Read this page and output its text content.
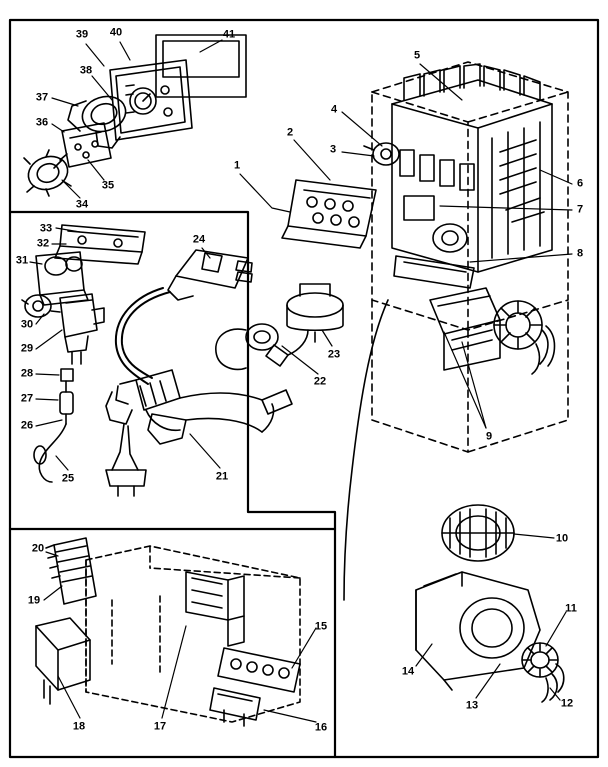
1
2
3
4
5
6
7
8
9
10
11
12
13
14
15
16
17
18
19
20
21
22
23
24
25
26
27
28
29
30
31
32
33
34
35
36
37
38
39 40	41
